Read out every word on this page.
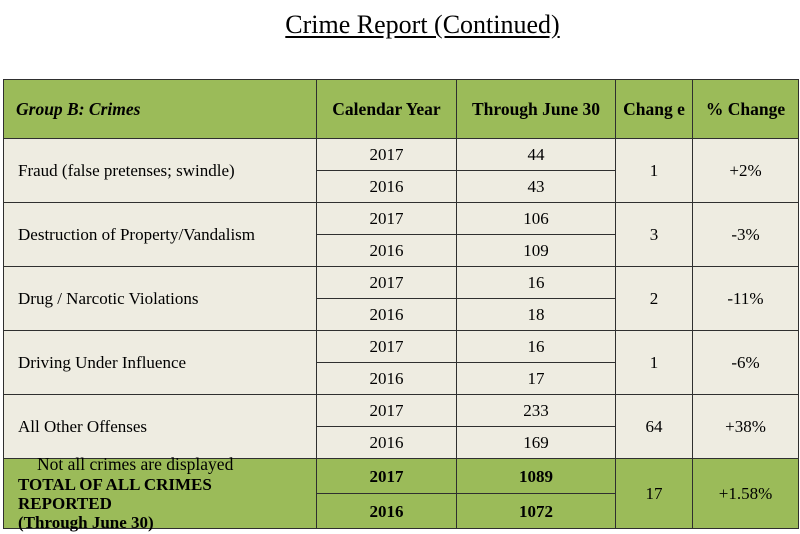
Crime Report (Continued)
Group B: Crimes	Calendar Year	Through June 30	Chang e	% Change
Fraud (false pretenses; swindle)	2017	44	1	+2%
	2016	43		
Destruction of Property/Vandalism	2017	106	3	-3%
	2016	109		
Drug / Narcotic Violations	2017	16	2	-11%
	2016	18		
Driving Under Influence	2017	16	1	-6%
	2016	17		
All Other Offenses	2017	233	64	+38%
	2016	169		

Not all crimes are displayed
TOTAL OF ALL CRIMES
REPORTED
(Through June 30)	2017	1089	17	+1.58%
	2016	1072		
